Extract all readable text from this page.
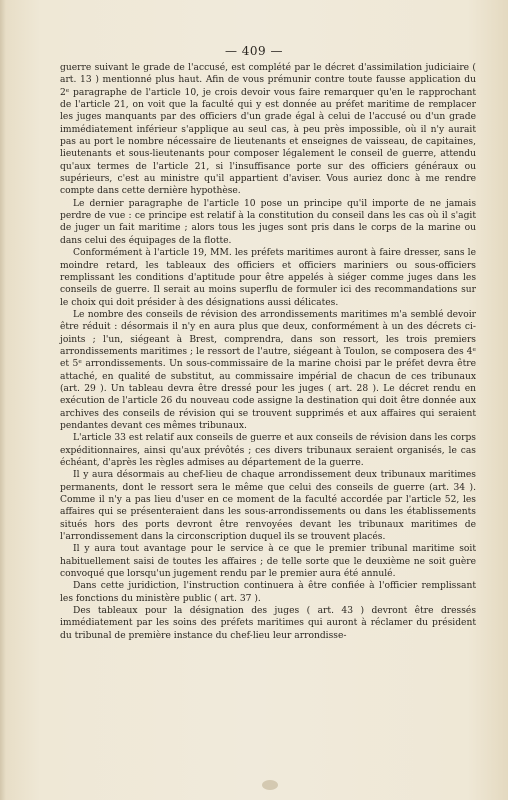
— 409 —

guerre suivant le grade de l'accusé, est complété par le décret d'assimilation judiciaire ( art. 13 ) mentionné plus haut. Afin de vous prémunir contre toute fausse application du 2ᵉ paragraphe de l'article 10, je crois devoir vous faire remarquer qu'en le rapprochant de l'article 21, on voit que la faculté qui y est donnée au préfet maritime de remplacer les juges manquants par des officiers d'un grade égal à celui de l'accusé ou d'un grade immédiatement inférieur s'applique au seul cas, à peu près impossible, où il n'y aurait pas au port le nombre nécessaire de lieutenants et enseignes de vaisseau, de capitaines, lieutenants et sous-lieutenants pour composer légalement le conseil de guerre, attendu qu'aux termes de l'article 21, si l'insuffisance porte sur des officiers généraux ou supérieurs, c'est au ministre qu'il appartient d'aviser. Vous auriez donc à me rendre compte dans cette dernière hypothèse.

Le dernier paragraphe de l'article 10 pose un principe qu'il importe de ne jamais perdre de vue : ce principe est relatif à la constitution du conseil dans les cas où il s'agit de juger un fait maritime ; alors tous les juges sont pris dans le corps de la marine ou dans celui des équipages de la flotte.

Conformément à l'article 19, MM. les préfets maritimes auront à faire dresser, sans le moindre retard, les tableaux des officiers et officiers mariniers ou sous-officiers remplissant les conditions d'aptitude pour être appelés à siéger comme juges dans les conseils de guerre. Il serait au moins superflu de formuler ici des recommandations sur le choix qui doit présider à des désignations aussi délicates.

Le nombre des conseils de révision des arrondissements maritimes m'a semblé devoir être réduit : désormais il n'y en aura plus que deux, conformément à un des décrets ci-joints ; l'un, siégeant à Brest, comprendra, dans son ressort, les trois premiers arrondissements maritimes ; le ressort de l'autre, siégeant à Toulon, se composera des 4ᵉ et 5ᵉ arrondissements. Un sous-commissaire de la marine choisi par le préfet devra être attaché, en qualité de substitut, au commissaire impérial de chacun de ces tribunaux (art. 29 ). Un tableau devra être dressé pour les juges ( art. 28 ). Le décret rendu en exécution de l'article 26 du nouveau code assigne la destination qui doit être donnée aux archives des conseils de révision qui se trouvent supprimés et aux affaires qui seraient pendantes devant ces mêmes tribunaux.

L'article 33 est relatif aux conseils de guerre et aux conseils de révision dans les corps expéditionnaires, ainsi qu'aux prévôtés ; ces divers tribunaux seraient organisés, le cas échéant, d'après les règles admises au département de la guerre.

Il y aura désormais au chef-lieu de chaque arrondissement deux tribunaux maritimes permanents, dont le ressort sera le même que celui des conseils de guerre (art. 34 ). Comme il n'y a pas lieu d'user en ce moment de la faculté accordée par l'article 52, les affaires qui se présenteraient dans les sous-arrondissements ou dans les établissements situés hors des ports devront être renvoyées devant les tribunaux maritimes de l'arrondissement dans la circonscription duquel ils se trouvent placés.

Il y aura tout avantage pour le service à ce que le premier tribunal maritime soit habituellement saisi de toutes les affaires ; de telle sorte que le deuxième ne soit guère convoqué que lorsqu'un jugement rendu par le premier aura été annulé.

Dans cette juridiction, l'instruction continuera à être confiée à l'officier remplissant les fonctions du ministère public ( art. 37 ).

Des tableaux pour la désignation des juges ( art. 43 ) devront être dressés immédiatement par les soins des préfets maritimes qui auront à réclamer du président du tribunal de première instance du chef-lieu leur arrondisse-
